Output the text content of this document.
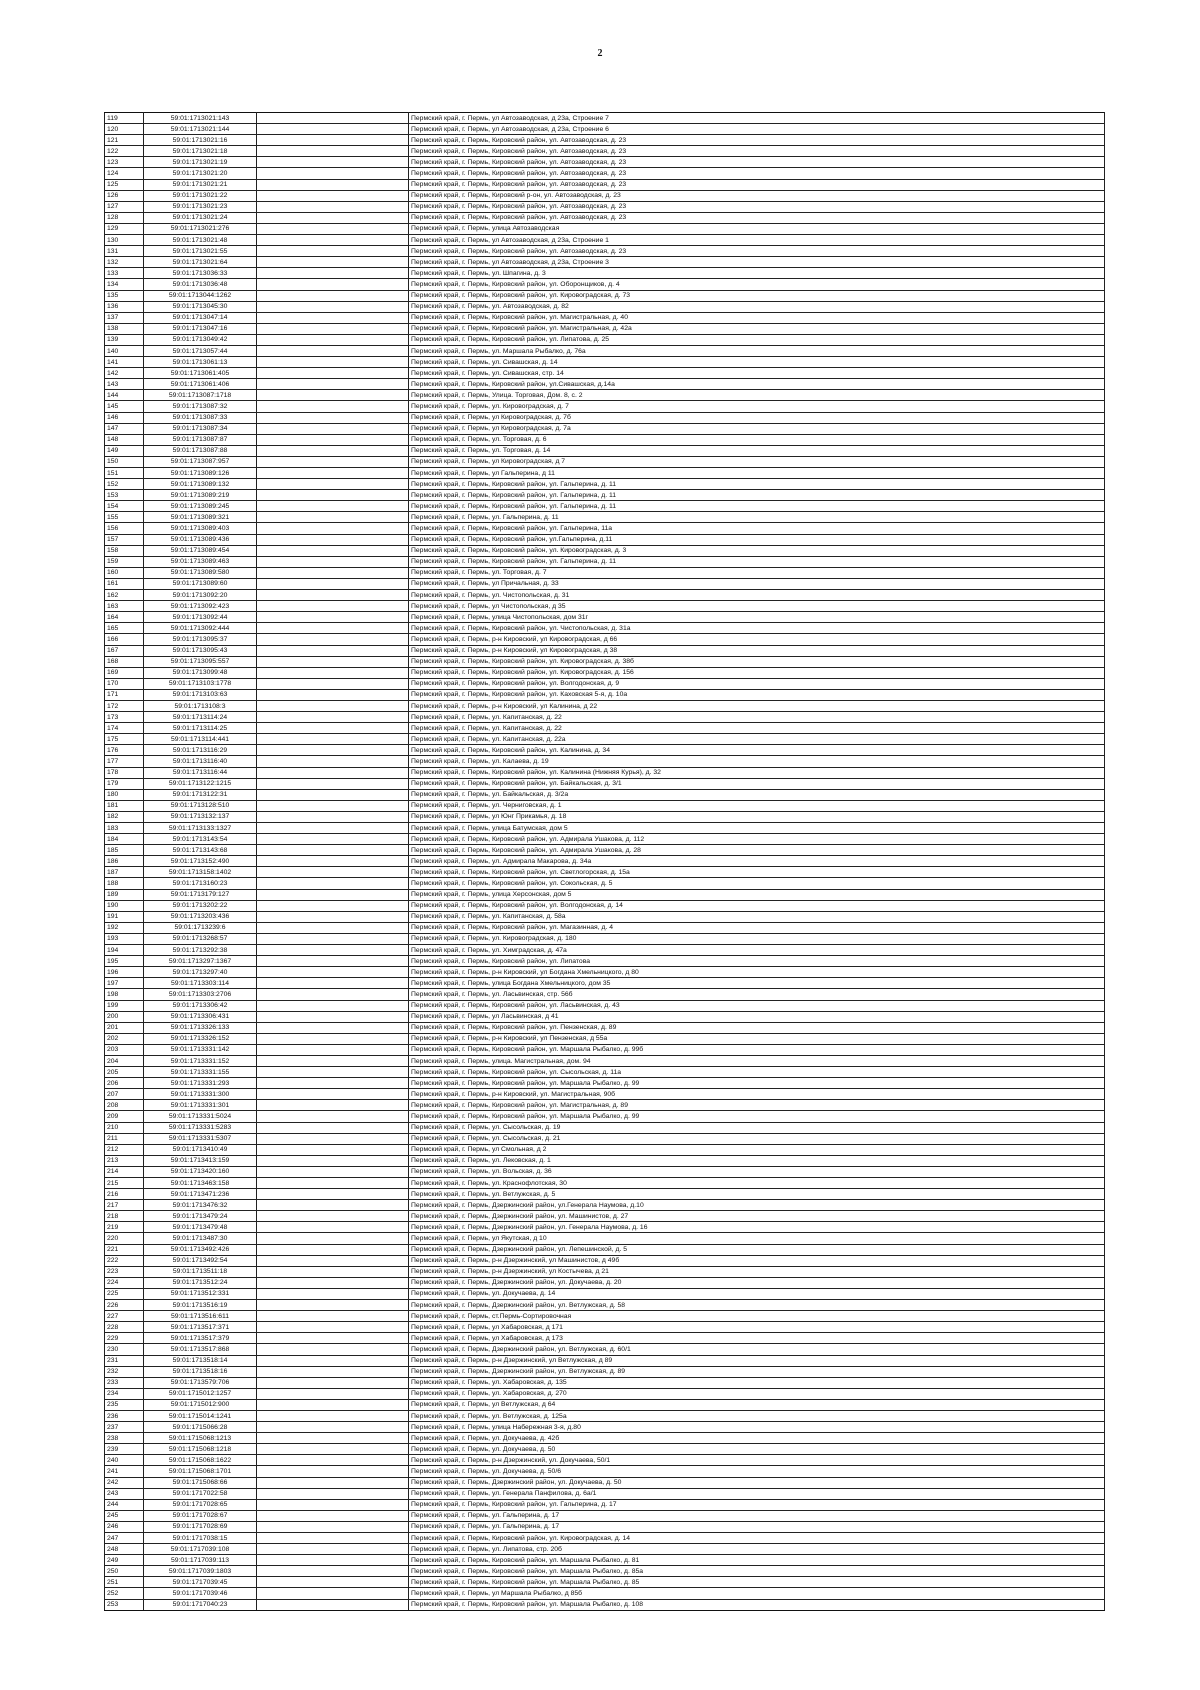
2
119	59:01:1713021:143		Пермский край, г. Пермь, ул Автозаводская, д 23а, Строение 7
120	59:01:1713021:144		Пермский край, г. Пермь, ул Автозаводская, д 23а, Строение 6
121	59:01:1713021:16		Пермский край, г. Пермь, Кировский район, ул. Автозаводская, д. 23
122	59:01:1713021:18		Пермский край, г. Пермь, Кировский район, ул. Автозаводская, д. 23
123	59:01:1713021:19		Пермский край, г. Пермь, Кировский район, ул. Автозаводская, д. 23
124	59:01:1713021:20		Пермский край, г. Пермь, Кировский район, ул. Автозаводская, д. 23
125	59:01:1713021:21		Пермский край, г. Пермь, Кировский район, ул. Автозаводская, д. 23
126	59:01:1713021:22		Пермский край, г. Пермь, Кировский р-он, ул. Автозаводская, д. 23
127	59:01:1713021:23		Пермский край, г. Пермь, Кировский район, ул. Автозаводская, д. 23
128	59:01:1713021:24		Пермский край, г. Пермь, Кировский район, ул. Автозаводская, д. 23
129	59:01:1713021:276		Пермский край, г. Пермь, улица Автозаводская
130	59:01:1713021:48		Пермский край, г. Пермь, ул Автозаводская, д 23а, Строение 1
131	59:01:1713021:55		Пермский край, г. Пермь, Кировский район, ул. Автозаводская, д. 23
132	59:01:1713021:64		Пермский край, г. Пермь, ул Автозаводская, д 23а, Строение 3
133	59:01:1713036:33		Пермский край, г. Пермь, ул. Шпагина, д. 3
134	59:01:1713036:48		Пермский край, г. Пермь, Кировский район, ул. Оборонщиков, д. 4
135	59:01:1713044:1262		Пермский край, г. Пермь, Кировский район, ул. Кировоградская, д. 73
136	59:01:1713045:30		Пермский край, г. Пермь, ул. Автозаводская, д. 82
137	59:01:1713047:14		Пермский край, г. Пермь, Кировский район, ул. Магистральная, д. 40
138	59:01:1713047:16		Пермский край, г. Пермь, Кировский район, ул. Магистральная, д. 42а
139	59:01:1713049:42		Пермский край, г. Пермь, Кировский район, ул. Липатова, д. 25
140	59:01:1713057:44		Пермский край, г. Пермь, ул. Маршала Рыбалко, д. 76а
141	59:01:1713061:13		Пермский край, г. Пермь, ул. Сивашская, д. 14
142	59:01:1713061:405		Пермский край, г. Пермь, ул. Сивашская, стр. 14
143	59:01:1713061:406		Пермский край, г. Пермь, Кировский район, ул.Сивашская, д.14а
144	59:01:1713087:1718		Пермский край, г. Пермь, Улица. Торговая, Дом. 8, с. 2
145	59:01:1713087:32		Пермский край, г. Пермь, ул. Кировоградская, д. 7
146	59:01:1713087:33		Пермский край, г. Пермь, ул Кировоградская, д. 7б
147	59:01:1713087:34		Пермский край, г. Пермь, ул Кировоградская, д. 7а
148	59:01:1713087:87		Пермский край, г. Пермь, ул. Торговая, д. 6
149	59:01:1713087:88		Пермский край, г. Пермь, ул. Торговая, д. 14
150	59:01:1713087:957		Пермский край, г. Пермь, ул Кировоградская, д 7
151	59:01:1713089:126		Пермский край, г. Пермь, ул Гальперина, д 11
152	59:01:1713089:132		Пермский край, г. Пермь, Кировский район, ул. Гальперина, д. 11
153	59:01:1713089:219		Пермский край, г. Пермь, Кировский район, ул. Гальперина, д. 11
154	59:01:1713089:245		Пермский край, г. Пермь, Кировский район, ул. Гальперина, д. 11
155	59:01:1713089:321		Пермский край, г. Пермь, ул. Гальперина, д. 11
156	59:01:1713089:403		Пермский край, г. Пермь, Кировский район, ул. Гальперина, 11а
157	59:01:1713089:436		Пермский край, г. Пермь, Кировский район, ул.Гальперина, д.11
158	59:01:1713089:454		Пермский край, г. Пермь, Кировский район, ул. Кировоградская, д. 3
159	59:01:1713089:463		Пермский край, г. Пермь, Кировский район, ул. Гальперина, д. 11
160	59:01:1713089:580		Пермский край, г. Пермь, ул. Торговая, д. 7
161	59:01:1713089:60		Пермский край, г. Пермь, ул Причальная, д. 33
162	59:01:1713092:20		Пермский край, г. Пермь, ул. Чистопольская, д. 31
163	59:01:1713092:423		Пермский край, г. Пермь, ул Чистопольская, д 35
164	59:01:1713092:44		Пермский край, г. Пермь, улица Чистопольская, дом 31г
165	59:01:1713092:444		Пермский край, г. Пермь, Кировский район, ул. Чистопольская, д. 31а
166	59:01:1713095:37		Пермский край, г. Пермь, р-н Кировский, ул Кировоградская, д 66
167	59:01:1713095:43		Пермский край, г. Пермь, р-н Кировский, ул Кировоградская, д 38
168	59:01:1713095:557		Пермский край, г. Пермь, Кировский район, ул. Кировоградская, д. 38б
169	59:01:1713099:48		Пермский край, г. Пермь, Кировский район, ул. Кировоградская, д. 156
170	59:01:1713103:1778		Пермский край, г. Пермь, Кировский район, ул. Волгодонская, д. 9
171	59:01:1713103:63		Пермский край, г. Пермь, Кировский район, ул. Каховская 5-я, д. 10а
172	59:01:1713108:3		Пермский край, г. Пермь, р-н Кировский, ул Калинина, д 22
173	59:01:1713114:24		Пермский край, г. Пермь, ул. Капитанская, д. 22
174	59:01:1713114:25		Пермский край, г. Пермь, ул. Капитанская, д. 22
175	59:01:1713114:441		Пермский край, г. Пермь, ул. Капитанская, д. 22а
176	59:01:1713116:29		Пермский край, г. Пермь, Кировский район, ул. Калинина, д. 34
177	59:01:1713116:40		Пермский край, г. Пермь, ул. Калаева, д. 19
178	59:01:1713116:44		Пермский край, г. Пермь, Кировский район, ул. Калинина (Нижняя Курья), д. 32
179	59:01:1713122:1215		Пермский край, г. Пермь, Кировский район, ул. Байкальская, д. 3/1
180	59:01:1713122:31		Пермский край, г. Пермь, ул. Байкальская, д. 3/2а
181	59:01:1713128:510		Пермский край, г. Пермь, ул. Черниговская, д. 1
182	59:01:1713132:137		Пермский край, г. Пермь, ул Юнг Прикамья, д. 18
183	59:01:1713133:1327		Пермский край, г. Пермь, улица Батумская, дом 5
184	59:01:1713143:54		Пермский край, г. Пермь, Кировский район, ул. Адмирала Ушакова, д. 112
185	59:01:1713143:68		Пермский край, г. Пермь, Кировский район, ул. Адмирала Ушакова, д. 28
186	59:01:1713152:490		Пермский край, г. Пермь, ул. Адмирала Макарова, д. 34а
187	59:01:1713158:1402		Пермский край, г. Пермь, Кировский район, ул. Светлогорская, д. 15а
188	59:01:1713160:23		Пермский край, г. Пермь, Кировский район, ул. Сокольская, д. 5
189	59:01:1713179:127		Пермский край, г. Пермь, улица Херсонская, дом 5
190	59:01:1713202:22		Пермский край, г. Пермь, Кировский район, ул. Волгодонская, д. 14
191	59:01:1713203:436		Пермский край, г. Пермь, ул. Капитанская, д. 58а
192	59:01:1713239:6		Пермский край, г. Пермь, Кировский район, ул. Магазинная, д. 4
193	59:01:1713268:57		Пермский край, г. Пермь, ул. Кировоградская, д. 180
194	59:01:1713292:38		Пермский край, г. Пермь, ул. Химградская, д. 47а
195	59:01:1713297:1367		Пермский край, г. Пермь, Кировский район, ул. Липатова
196	59:01:1713297:40		Пермский край, г. Пермь, р-н Кировский, ул Богдана Хмельницкого, д 80
197	59:01:1713303:114		Пермский край, г. Пермь, улица Богдана Хмельницкого, дом 35
198	59:01:1713303:2706		Пермский край, г. Пермь, ул. Ласьвинская, стр. 56б
199	59:01:1713306:42		Пермский край, г. Пермь, Кировский район, ул. Ласьвинская, д. 43
200	59:01:1713306:431		Пермский край, г. Пермь, ул Ласьвинская, д 41
201	59:01:1713326:133		Пермский край, г. Пермь, Кировский район, ул. Пензенская, д. 89
202	59:01:1713326:152		Пермский край, г. Пермь, р-н Кировский, ул Пензенская, д 55а
203	59:01:1713331:142		Пермский край, г. Пермь, Кировский район, ул. Маршала Рыбалко, д. 99б
204	59:01:1713331:152		Пермский край, г. Пермь, улица. Магистральная, дом. 94
205	59:01:1713331:155		Пермский край, г. Пермь, Кировский район, ул. Сысольская, д. 11а
206	59:01:1713331:293		Пермский край, г. Пермь, Кировский район, ул. Маршала Рыбалко, д. 99
207	59:01:1713331:300		Пермский край, г. Пермь, р-н Кировский, ул. Магистральная, 90б
208	59:01:1713331:301		Пермский край, г. Пермь, Кировский район, ул. Магистральная, д. 89
209	59:01:1713331:5024		Пермский край, г. Пермь, Кировский район, ул. Маршала Рыбалко, д. 99
210	59:01:1713331:5283		Пермский край, г. Пермь, ул. Сысольская, д. 19
211	59:01:1713331:5307		Пермский край, г. Пермь, ул. Сысольская, д. 21
212	59:01:1713410:49		Пермский край, г. Пермь, ул Смольная, д 2
213	59:01:1713413:159		Пермский край, г. Пермь, ул. Лековская, д. 1
214	59:01:1713420:160		Пермский край, г. Пермь, ул. Вольская, д. 36
215	59:01:1713463:158		Пермский край, г. Пермь, ул. Краснофлотская, 30
216	59:01:1713471:236		Пермский край, г. Пермь, ул. Ветлужская, д. 5
217	59:01:1713476:32		Пермский край, г. Пермь, Дзержинский район, ул.Генерала Наумова, д.10
218	59:01:1713479:24		Пермский край, г. Пермь, Дзержинский район, ул. Машинистов, д. 27
219	59:01:1713479:48		Пермский край, г. Пермь, Дзержинский район, ул. Генерала Наумова, д. 16
220	59:01:1713487:30		Пермский край, г. Пермь, ул Якутская, д 10
221	59:01:1713492:426		Пермский край, г. Пермь, Дзержинский район, ул. Лепешинской, д. 5
222	59:01:1713492:54		Пермский край, г. Пермь, р-н Дзержинский, ул Машинистов, д 49б
223	59:01:1713511:18		Пермский край, г. Пермь, р-н Дзержинский, ул Костычева, д 21
224	59:01:1713512:24		Пермский край, г. Пермь, Дзержинский район, ул. Докучаева, д. 20
225	59:01:1713512:331		Пермский край, г. Пермь, ул. Докучаева, д. 14
226	59:01:1713516:19		Пермский край, г. Пермь, Дзержинский район, ул. Ветлужская, д. 58
227	59:01:1713516:611		Пермский край, г. Пермь, ст.Пермь-Сортировочная
228	59:01:1713517:371		Пермский край, г. Пермь, ул Хабаровская, д 171
229	59:01:1713517:379		Пермский край, г. Пермь, ул Хабаровская, д 173
230	59:01:1713517:868		Пермский край, г. Пермь, Дзержинский район, ул. Ветлужская, д. 60/1
231	59:01:1713518:14		Пермский край, г. Пермь, р-н Дзержинский, ул Ветлужская, д 89
232	59:01:1713518:16		Пермский край, г. Пермь, Дзержинский район, ул. Ветлужская, д. 89
233	59:01:1713579:706		Пермский край, г. Пермь, ул. Хабаровская, д. 135
234	59:01:1715012:1257		Пермский край, г. Пермь, ул. Хабаровская, д. 270
235	59:01:1715012:900		Пермский край, г. Пермь, ул Ветлужская, д 64
236	59:01:1715014:1241		Пермский край, г. Пермь, ул. Ветлужская, д. 125а
237	59:01:1715066:28		Пермский край, г. Пермь, улица Набережная 3-я, д.80
238	59:01:1715068:1213		Пермский край, г. Пермь, ул. Докучаева, д. 42б
239	59:01:1715068:1218		Пермский край, г. Пермь, ул. Докучаева, д. 50
240	59:01:1715068:1622		Пермский край, г. Пермь, р-н Дзержинский, ул. Докучаева, 50/1
241	59:01:1715068:1701		Пермский край, г. Пермь, ул. Докучаева, д. 50/6
242	59:01:1715068:66		Пермский край, г. Пермь, Дзержинский район, ул. Докучаева, д. 50
243	59:01:1717022:58		Пермский край, г. Пермь, ул. Генерала Панфилова, д. 6а/1
244	59:01:1717028:65		Пермский край, г. Пермь, Кировский район, ул. Гальперина, д. 17
245	59:01:1717028:67		Пермский край, г. Пермь, ул. Гальперина, д. 17
246	59:01:1717028:69		Пермский край, г. Пермь, ул. Гальперина, д. 17
247	59:01:1717038:15		Пермский край, г. Пермь, Кировский район, ул. Кировоградская, д. 14
248	59:01:1717039:108		Пермский край, г. Пермь, ул. Липатова, стр. 20б
249	59:01:1717039:113		Пермский край, г. Пермь, Кировский район, ул. Маршала Рыбалко, д. 81
250	59:01:1717039:1803		Пермский край, г. Пермь, Кировский район, ул. Маршала Рыбалко, д. 85а
251	59:01:1717039:45		Пермский край, г. Пермь, Кировский район, ул. Маршала Рыбалко, д. 85
252	59:01:1717039:46		Пермский край, г. Пермь, ул Маршала Рыбалко, д 85б
253	59:01:1717040:23		Пермский край, г. Пермь, Кировский район, ул. Маршала Рыбалко, д. 108
